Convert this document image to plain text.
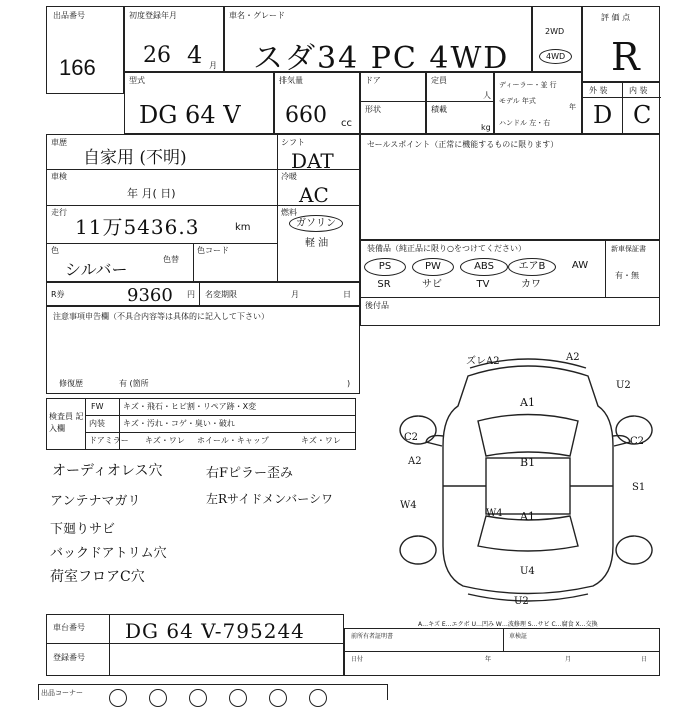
出品番号
166
初度登録年月
26 4 月
車名・グレード
スダ34 PC 4WD
2WD
4WD
評 価 点
R
型式
DG 64 V
排気量
660 cc
ドア
形状
定員
人
積載
kg
ディーラー・並 行
モデル 年式
年
ハンドル 左・右
外 装	内 装
D C
車歴
自家用 (不明)
シフト
DAT
車検
年 月( 日)
冷暖
AC
走行
11万5436.3	km
燃料
ガソリン
軽 油
色
シルバー
色替
色コード
セールスポイント（正常に機能するものに限ります）
装備品（純正品に限り○をつけてください）	新車保証書
有・無
後付品
PS	PW	ABS	エアB	AW
SR	サビ	TV	カワ
R券	9360 円 名変期限	月	日
注意事項申告欄（不具合内容等は具体的に記入して下さい）
修復歴	有 (箇所	)
検査員 記入欄
FW キズ・飛石・ヒビ割・リペア跡・X変
内装 キズ・汚れ・コゲ・臭い・破れ
ドアミラー キズ・ワレ ホイール・キャップ	キズ・ワレ
オーディオレス穴
アンテナマガリ
下廻りサビ
バックドアトリム穴
荷室フロアC穴
右Fピラー歪み
左Rサイドメンバーシワ
ズレA2	A2
U2
A1
C2	C2
A2	B1
S1
W4
W4 A1
U4
U2
A…キズ E…エクボ U…凹み W…波修理 S…サビ C…腐食 X…交換
車台番号 DG 64 V-795244
登録番号
前所有者証明書	車検証
日付	年	月	日
出品コーナー
